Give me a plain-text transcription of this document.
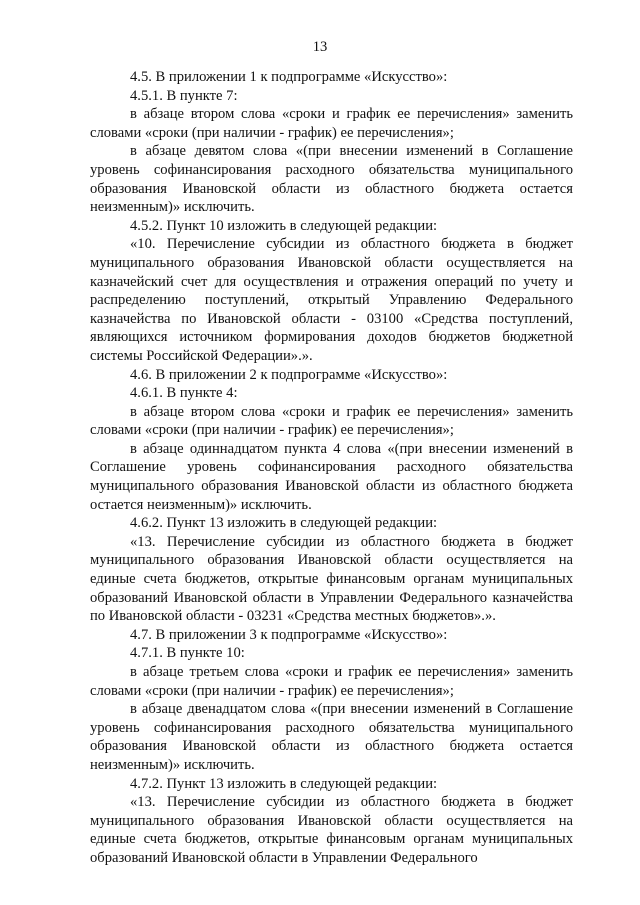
13

4.5. В приложении 1 к подпрограмме «Искусство»:

4.5.1. В пункте 7:

в абзаце втором слова «сроки и график ее перечисления» заменить словами «сроки (при наличии - график) ее перечисления»;

в абзаце девятом слова «(при внесении изменений в Соглашение уровень софинансирования расходного обязательства муниципального образования Ивановской области из областного бюджета остается неизменным)» исключить.

4.5.2. Пункт 10 изложить в следующей редакции:

«10. Перечисление субсидии из областного бюджета в бюджет муниципального образования Ивановской области осуществляется на казначейский счет для осуществления и отражения операций по учету и распределению поступлений, открытый Управлению Федерального казначейства по Ивановской области - 03100 «Средства поступлений, являющихся источником формирования доходов бюджетов бюджетной системы Российской Федерации».».

4.6. В приложении 2 к подпрограмме «Искусство»:

4.6.1. В пункте 4:

в абзаце втором слова «сроки и график ее перечисления» заменить словами «сроки (при наличии - график) ее перечисления»;

в абзаце одиннадцатом пункта 4 слова «(при внесении изменений в Соглашение уровень софинансирования расходного обязательства муниципального образования Ивановской области из областного бюджета остается неизменным)» исключить.

4.6.2. Пункт 13 изложить в следующей редакции:

«13. Перечисление субсидии из областного бюджета в бюджет муниципального образования Ивановской области осуществляется на единые счета бюджетов, открытые финансовым органам муниципальных образований Ивановской области в Управлении Федерального казначейства по Ивановской области - 03231 «Средства местных бюджетов».».

4.7. В приложении 3 к подпрограмме «Искусство»:

4.7.1. В пункте 10:

в абзаце третьем слова «сроки и график ее перечисления» заменить словами «сроки (при наличии - график) ее перечисления»;

в абзаце двенадцатом слова «(при внесении изменений в Соглашение уровень софинансирования расходного обязательства муниципального образования Ивановской области из областного бюджета остается неизменным)» исключить.

4.7.2. Пункт 13 изложить в следующей редакции:

«13. Перечисление субсидии из областного бюджета в бюджет муниципального образования Ивановской области осуществляется на единые счета бюджетов, открытые финансовым органам муниципальных образований Ивановской области в Управлении Федерального
